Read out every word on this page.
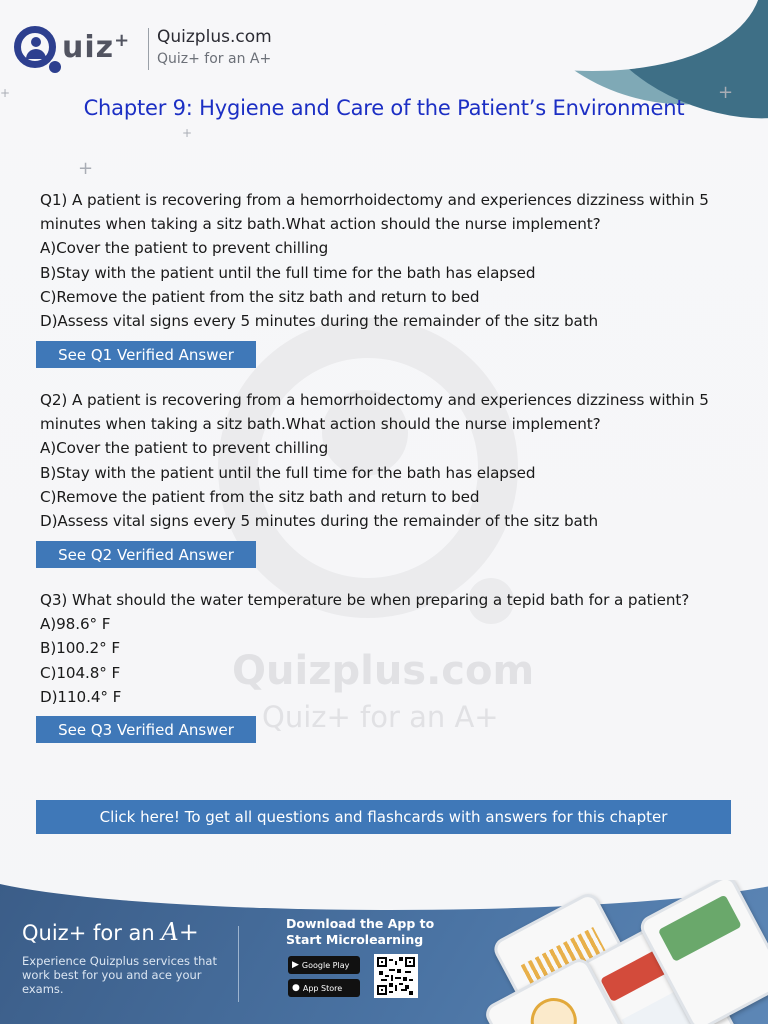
Quizplus.com
Quiz+ for an A+
uiz+ Quizplus.com
Quiz+ for an A+
+
+
+
+
Chapter 9: Hygiene and Care of the Patient’s Environment
Q1) A patient is recovering from a hemorrhoidectomy and experiences dizziness within 5 minutes when taking a sitz bath.What action should the nurse implement?
A)Cover the patient to prevent chilling
B)Stay with the patient until the full time for the bath has elapsed
C)Remove the patient from the sitz bath and return to bed
D)Assess vital signs every 5 minutes during the remainder of the sitz bath
See Q1 Verified Answer
Q2) A patient is recovering from a hemorrhoidectomy and experiences dizziness within 5 minutes when taking a sitz bath.What action should the nurse implement?
A)Cover the patient to prevent chilling
B)Stay with the patient until the full time for the bath has elapsed
C)Remove the patient from the sitz bath and return to bed
D)Assess vital signs every 5 minutes during the remainder of the sitz bath
See Q2 Verified Answer
Q3) What should the water temperature be when preparing a tepid bath for a patient?
A)98.6° F
B)100.2° F
C)104.8° F
D)110.4° F
See Q3 Verified Answer
Click here! To get all questions and flashcards with answers for this chapter
Quiz+ for an A+
Experience Quizplus services that work best for you and ace your exams.
Download the App to Start Microlearning
▶ Google Play
● App Store
